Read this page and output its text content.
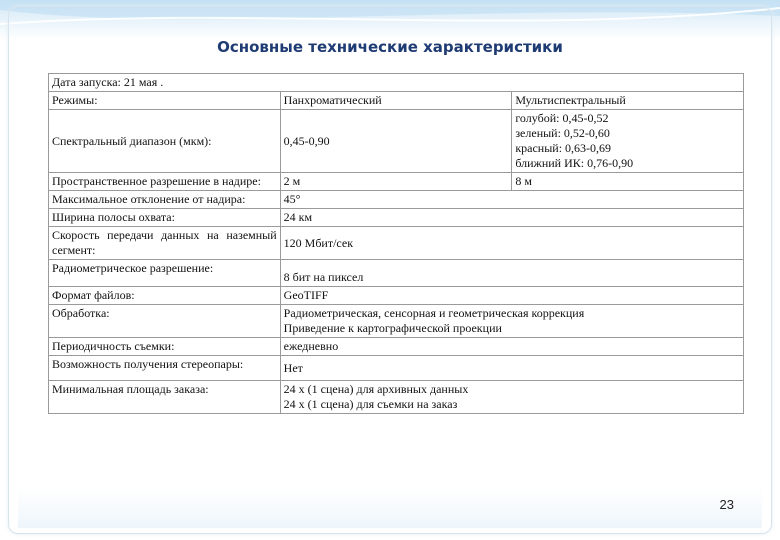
Основные технические характеристики
Дата запуска: 21 мая .		
Режимы:	Панхроматический	Мультиспектральный
Спектральный диапазон (мкм):	0,45-0,90	голубой: 0,45-0,52
зеленый: 0,52-0,60
красный: 0,63-0,69
ближний ИК: 0,76-0,90

Пространственное разрешение в надире:	2 м	8 м
Максимальное отклонение от надира:	45°	
Ширина полосы охвата:	24 км	
Скорость передачи данных на наземный сегмент:	120 Мбит/сек	
Радиометрическое разрешение:	8 бит на пиксел	
Формат файлов:	GeoTIFF	
Обработка:	Радиометрическая, сенсорная и геометрическая коррекция
Приведение к картографической проекции	

Периодичность съемки:	ежедневно	
Возможность получения стереопары:	Нет	
Минимальная площадь заказа:	24 х (1 сцена) для архивных данных
24 х (1 сцена) для съемки на заказ	
23
